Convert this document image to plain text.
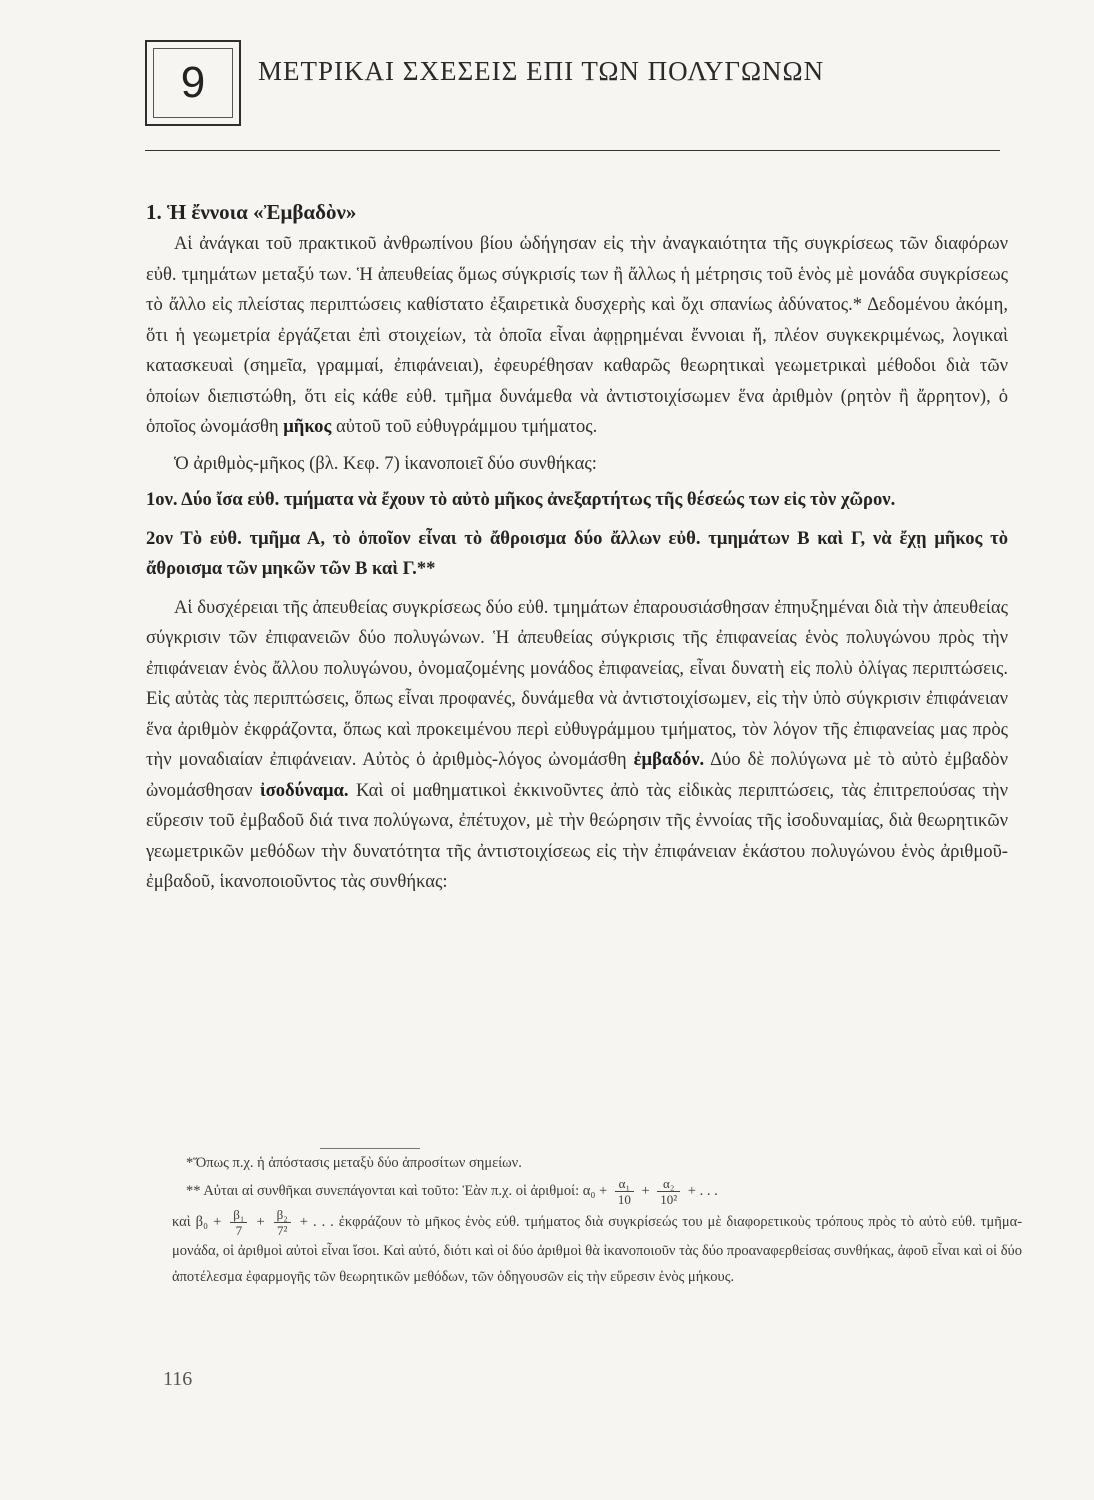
9	ΜΕΤΡΙΚΑΙ ΣΧΕΣΕΙΣ ΕΠΙ ΤΩΝ ΠΟΛΥΓΩΝΩΝ
1. Ἡ ἔννοια «Ἐμβαδὸν»

Αἱ ἀνάγκαι τοῦ πρακτικοῦ ἀνθρωπίνου βίου ὡδήγησαν εἰς τὴν ἀναγκαιότητα τῆς συγκρίσεως τῶν διαφόρων εὐθ. τμημάτων μεταξύ των. Ἡ ἀπευθείας ὅμως σύγκρισίς των ἢ ἄλλως ἡ μέτρησις τοῦ ἑνὸς μὲ μονάδα συγκρίσεως τὸ ἄλλο εἰς πλείστας περιπτώσεις καθίστατο ἐξαιρετικὰ δυσχερὴς καὶ ὄχι σπανίως ἀδύνατος.* Δεδομένου ἀκόμη, ὅτι ἡ γεωμετρία ἐργάζεται ἐπὶ στοιχείων, τὰ ὁποῖα εἶναι ἀφῃρημέναι ἔννοιαι ἤ, πλέον συγκεκριμένως, λογικαὶ κατασκευαὶ (σημεῖα, γραμμαί, ἐπιφάνειαι), ἐφευρέθησαν καθαρῶς θεωρητικαὶ γεωμετρικαὶ μέθοδοι διὰ τῶν ὁποίων διεπιστώθη, ὅτι εἰς κάθε εὐθ. τμῆμα δυνάμεθα νὰ ἀντιστοιχίσωμεν ἕνα ἀριθμὸν (ρητὸν ἢ ἄρρητον), ὁ ὁποῖος ὠνομάσθη μῆκος αὐτοῦ τοῦ εὐθυγράμμου τμήματος.

Ὁ ἀριθμὸς-μῆκος (βλ. Κεφ. 7) ἱκανοποιεῖ δύο συνθήκας:

1ον. Δύο ἴσα εὐθ. τμήματα νὰ ἔχουν τὸ αὐτὸ μῆκος ἀνεξαρτήτως τῆς θέσεώς των εἰς τὸν χῶρον.

2ον Τὸ εὐθ. τμῆμα Α, τὸ ὁποῖον εἶναι τὸ ἄθροισμα δύο ἄλλων εὐθ. τμημάτων Β καὶ Γ, νὰ ἔχῃ μῆκος τὸ ἄθροισμα τῶν μηκῶν τῶν Β καὶ Γ.**

Αἱ δυσχέρειαι τῆς ἀπευθείας συγκρίσεως δύο εὐθ. τμημάτων ἐπαρουσιάσθησαν ἐπηυξημέναι διὰ τὴν ἀπευθείας σύγκρισιν τῶν ἐπιφανειῶν δύο πολυγώνων. Ἡ ἀπευθείας σύγκρισις τῆς ἐπιφανείας ἑνὸς πολυγώνου πρὸς τὴν ἐπιφάνειαν ἑνὸς ἄλλου πολυγώνου, ὀνομαζομένης μονάδος ἐπιφανείας, εἶναι δυνατὴ εἰς πολὺ ὀλίγας περιπτώσεις. Εἰς αὐτὰς τὰς περιπτώσεις, ὅπως εἶναι προφανές, δυνάμεθα νὰ ἀντιστοιχίσωμεν, εἰς τὴν ὑπὸ σύγκρισιν ἐπιφάνειαν ἕνα ἀριθμὸν ἐκφράζοντα, ὅπως καὶ προκειμένου περὶ εὐθυγράμμου τμήματος, τὸν λόγον τῆς ἐπιφανείας μας πρὸς τὴν μοναδιαίαν ἐπιφάνειαν. Αὐτὸς ὁ ἀριθμὸς-λόγος ὠνομάσθη ἐμβαδόν. Δύο δὲ πολύγωνα μὲ τὸ αὐτὸ ἐμβαδὸν ὠνομάσθησαν ἰσοδύναμα. Καὶ οἱ μαθηματικοὶ ἐκκινοῦντες ἀπὸ τὰς εἰδικὰς περιπτώσεις, τὰς ἐπιτρεπούσας τὴν εὕρεσιν τοῦ ἐμβαδοῦ διά τινα πολύγωνα, ἐπέτυχον, μὲ τὴν θεώρησιν τῆς ἐννοίας τῆς ἰσοδυναμίας, διὰ θεωρητικῶν γεωμετρικῶν μεθόδων τὴν δυνατότητα τῆς ἀντιστοιχίσεως εἰς τὴν ἐπιφάνειαν ἑκάστου πολυγώνου ἑνὸς ἀριθμοῦ-ἐμβαδοῦ, ἱκανοποιοῦντος τὰς συνθήκας:

*Ὅπως π.χ. ἡ ἀπόστασις μεταξὺ δύο ἀπροσίτων σημείων.

** Αὐται αἱ συνθῆκαι συνεπάγονται καὶ τοῦτο: Ἐὰν π.χ. οἱ ἀριθμοί: $\alpha_0 + \frac{\text{α₁}}{10} + \frac{\text{α₂}}{\text{10²}}$ + . . .

καὶ $\beta_0 + \frac{\text{β₁}}{7} + \frac{\text{β₂}}{\text{7²}}$ + . . . ἐκφράζουν τὸ μῆκος ἑνὸς εὐθ. τμήματος διὰ συγκρίσεώς του μὲ διαφορετικοὺς τρόπους πρὸς τὸ αὐτὸ εὐθ. τμῆμα-μονάδα, οἱ ἀριθμοὶ αὐτοὶ εἶναι ἴσοι. Καὶ αὐτό, διότι καὶ οἱ δύο ἀριθμοὶ θὰ ἱκανοποιοῦν τὰς δύο προαναφερθείσας συνθήκας, ἀφοῦ εἶναι καὶ οἱ δύο ἀποτέλεσμα ἐφαρμογῆς τῶν θεωρητικῶν μεθόδων, τῶν ὁδηγουσῶν εἰς τὴν εὕρεσιν ἑνὸς μήκους.

116
